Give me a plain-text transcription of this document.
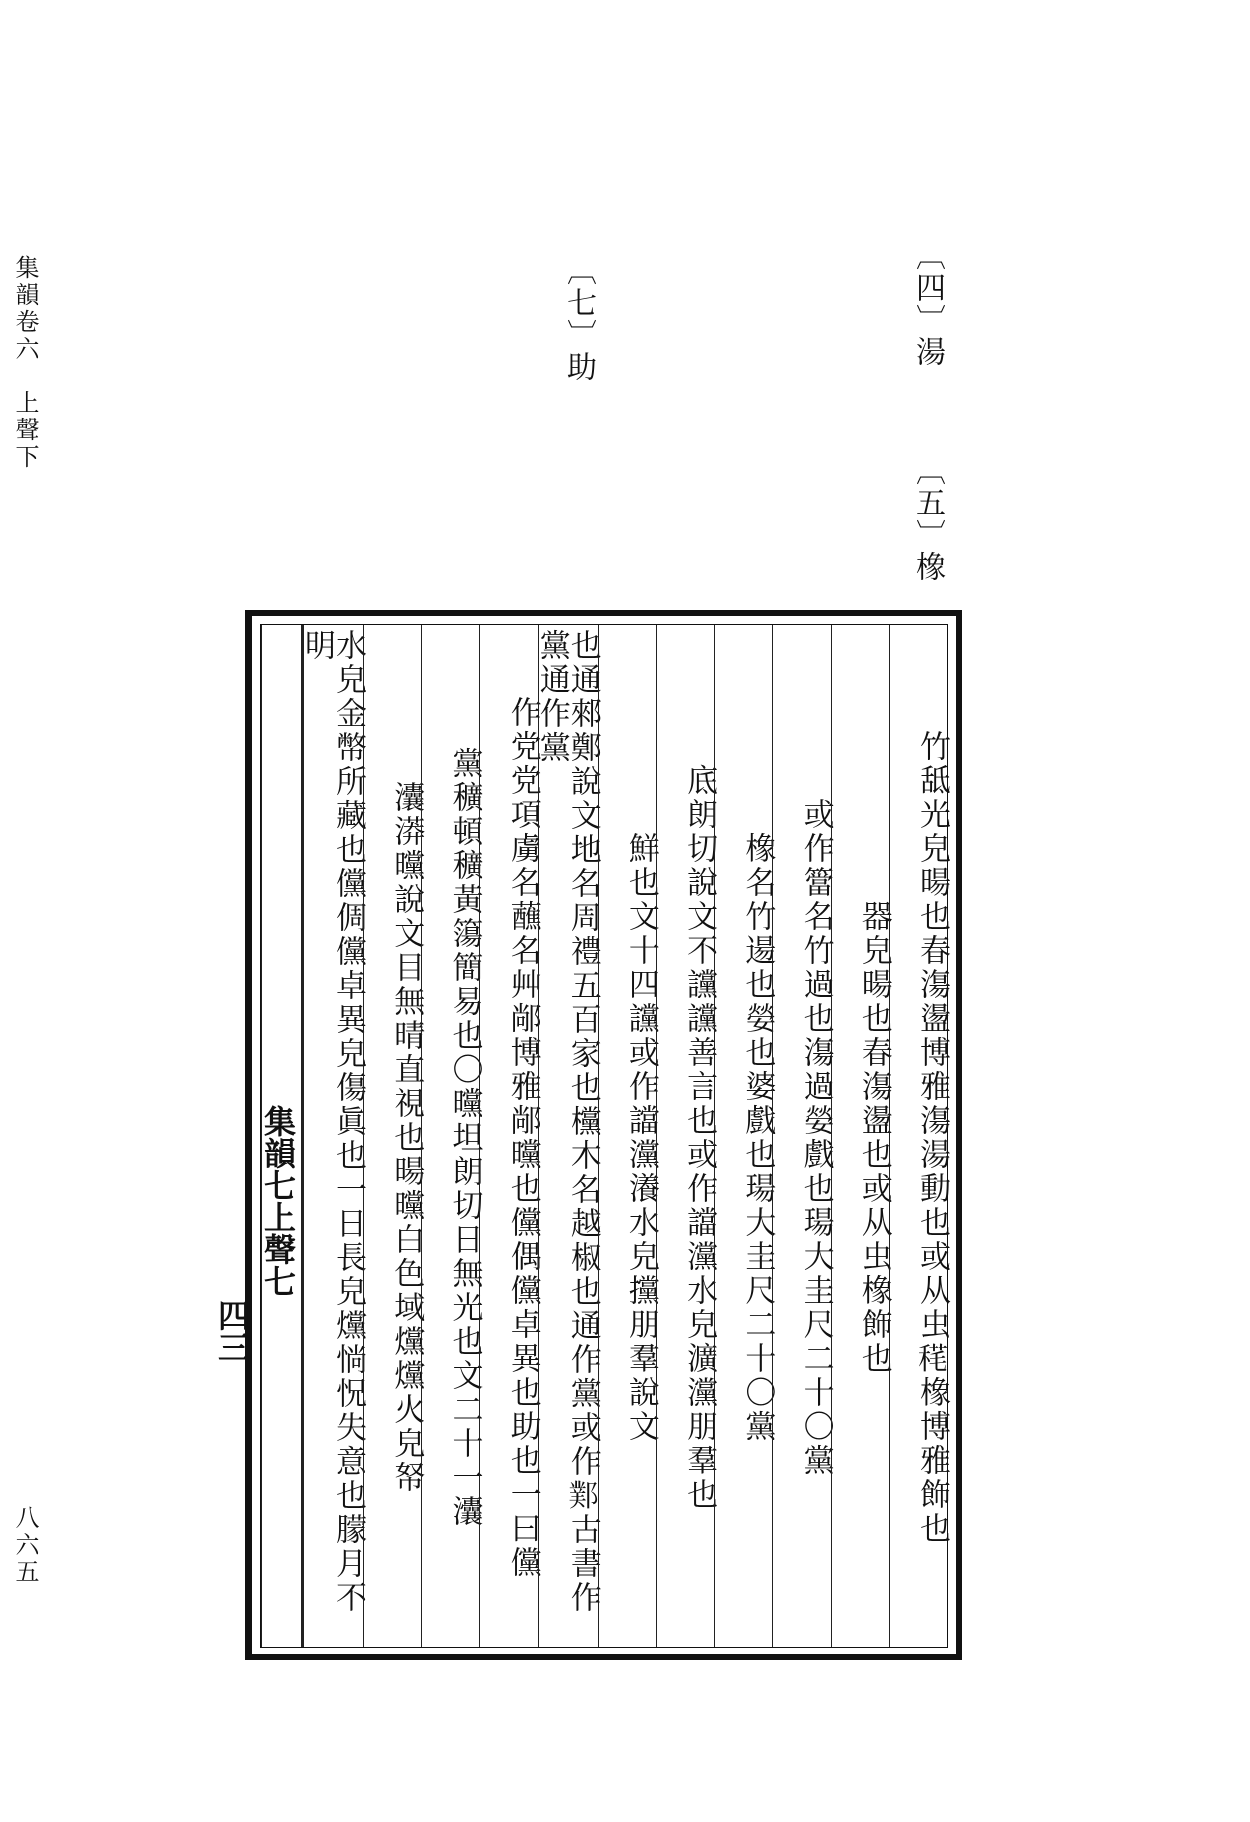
集韻卷六　上聲下
八六五
〔四〕湯
〔五〕橡
〔七〕助
竹䑛光皃暘也春漡盪博雅漡湯動也或从虫𥟪橡博雅飾也
器皃暘也春漡盪也或从虫橡飾也
或作簹名竹過也漡過嫈戲也瑒大圭尺二十〇黨
橡名竹逿也嫈也婆戲也瑒大圭尺二十〇黨
底朗切說文不讜讜善言也或作譡灙水皃瀇灙朋羣也
鮮也文十四讜或作譡灙瀁水皃攩朋羣說文
也通郲鄭說文地名周禮五百家也欓木名越椒也通作黨或作𨞊古書作黨通作黨
作党党項虜名蘸名艸䣊博雅䣊曭也儻偶儻卓異也助也一曰儻
黨穬頓穬黃簜簡易也〇曭坦朗切日無光也文二十一灢
灢漭曭說文目無晴直視也暘曭白色域爣爣火皃帑
水皃金幣所藏也儻倜儻卓異皃傷眞也一日長皃爣惝怳失意也朦月不明
集韻七上聲七
四三
